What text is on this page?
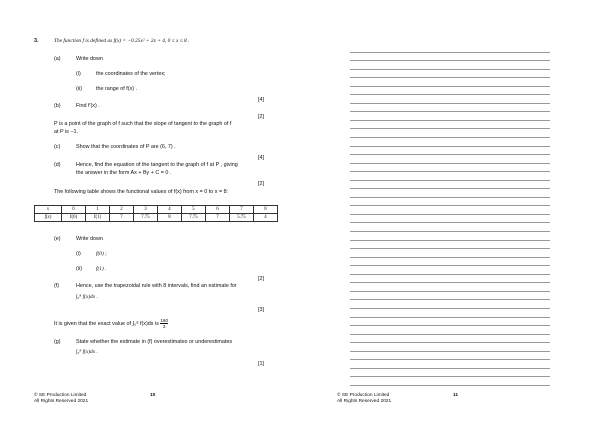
3.	The function f is defined as f(x) = −0.25x² + 2x + 4, 0 ≤ x ≤ 8 .
(a)	Write down
(i)	the coordinates of the vertex;
(ii)	the range of f(x) .
[4]
(b)	Find f′(x) .
[2]
P is a point of the graph of f such that the slope of tangent to the graph of f
at P is −1.
(c)	Show that the coordinates of P are (6, 7) .
[4]
(d)	Hence, find the equation of the tangent to the graph of f at P , giving
the answer in the form Ax + By + C = 0 .
[2]
The following table shows the functional values of f(x) from x = 0 to x = 8:
x	0	1	2	3	4	5	6	7	8
f(x)	f(0)	f(1)	7	7.75	8	7.75	7	5.75	4
(e)	Write down
(i)	f(0) ;
(ii)	f(1) .
[2]
(f)	Hence, use the trapezoidal rule with 8 intervals, find an estimate for
∫₀⁸ f(x)dx .
[3]
It is given that the exact value of ∫₀⁸ f(x)dx is $\frac{160}{3}$
(g)	State whether the estimate in (f) overestimates or underestimates
∫₀⁸ f(x)dx .
[1]
© SE Production Limited
All Rights Reserved 2021
10	© SE Production Limited
All Rights Reserved 2021
11
